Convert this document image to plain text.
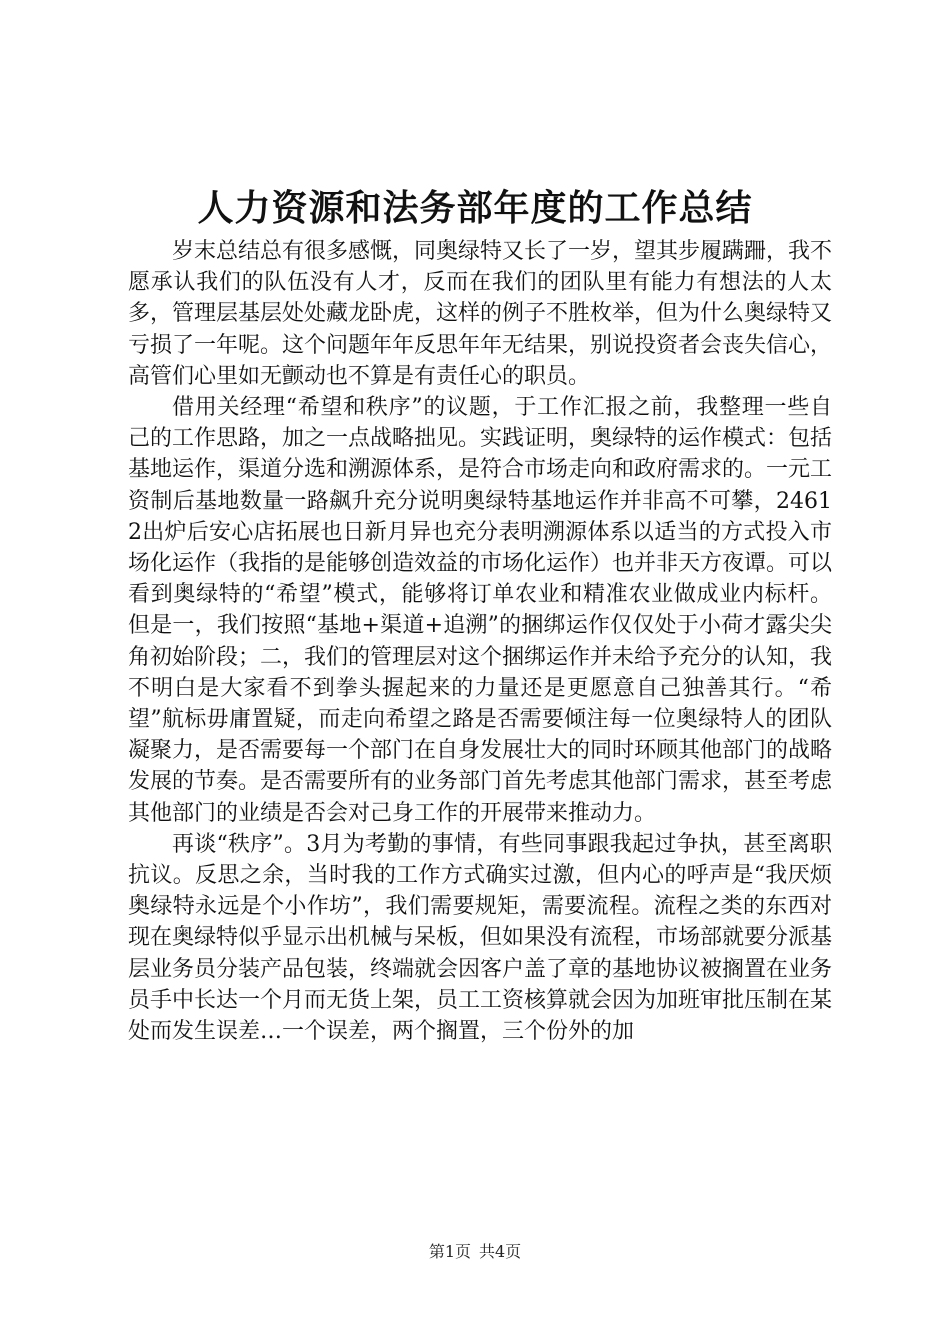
人力资源和法务部年度的工作总结

岁末总结总有很多感慨，同奥绿特又长了一岁，望其步履蹒跚，我不愿承认我们的队伍没有人才，反而在我们的团队里有能力有想法的人太多，管理层基层处处藏龙卧虎，这样的例子不胜枚举，但为什么奥绿特又亏损了一年呢。这个问题年年反思年年无结果，别说投资者会丧失信心，高管们心里如无颤动也不算是有责任心的职员。

借用关经理“希望和秩序”的议题，于工作汇报之前，我整理一些自己的工作思路，加之一点战略拙见。实践证明，奥绿特的运作模式：包括基地运作，渠道分选和溯源体系，是符合市场走向和政府需求的。一元工资制后基地数量一路飙升充分说明奥绿特基地运作并非高不可攀，24612出炉后安心店拓展也日新月异也充分表明溯源体系以适当的方式投入市场化运作（我指的是能够创造效益的市场化运作）也并非天方夜谭。可以看到奥绿特的“希望”模式，能够将订单农业和精准农业做成业内标杆。但是一，我们按照“基地+渠道+追溯”的捆绑运作仅仅处于小荷才露尖尖角初始阶段；二，我们的管理层对这个捆绑运作并未给予充分的认知，我不明白是大家看不到拳头握起来的力量还是更愿意自己独善其行。“希望”航标毋庸置疑，而走向希望之路是否需要倾注每一位奥绿特人的团队凝聚力，是否需要每一个部门在自身发展壮大的同时环顾其他部门的战略发展的节奏。是否需要所有的业务部门首先考虑其他部门需求，甚至考虑其他部门的业绩是否会对己身工作的开展带来推动力。

再谈“秩序”。3月为考勤的事情，有些同事跟我起过争执，甚至离职抗议。反思之余，当时我的工作方式确实过激，但内心的呼声是“我厌烦奥绿特永远是个小作坊”，我们需要规矩，需要流程。流程之类的东西对现在奥绿特似乎显示出机械与呆板，但如果没有流程，市场部就要分派基层业务员分装产品包装，终端就会因客户盖了章的基地协议被搁置在业务员手中长达一个月而无货上架，员工工资核算就会因为加班审批压制在某处而发生误差…一个误差，两个搁置，三个份外的加

第1页 共4页
